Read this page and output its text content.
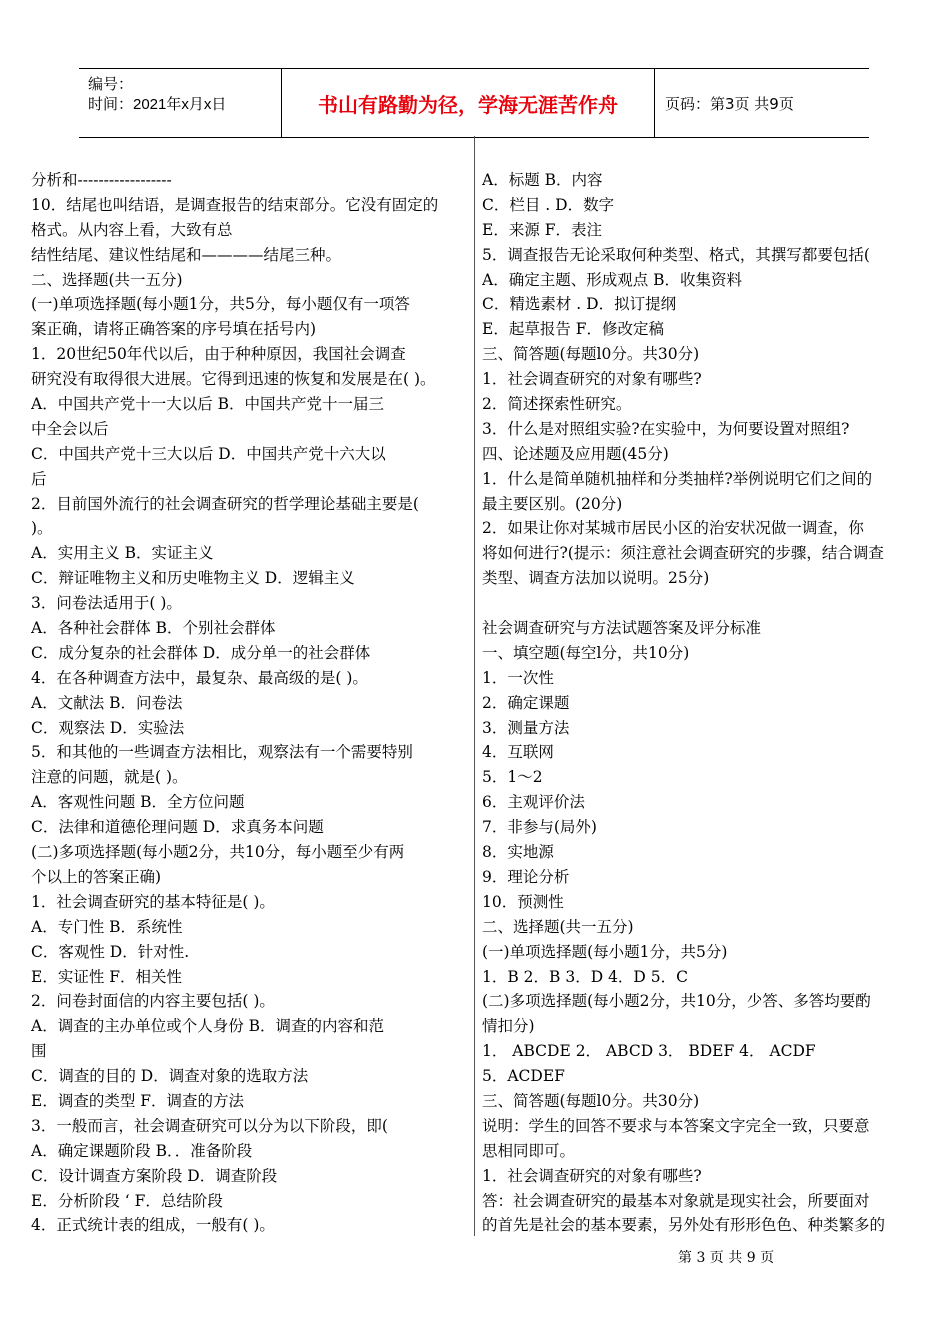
编号：
时间：2021年x月x日	书山有路勤为径，学海无涯苦作舟	页码：第3页 共9页
分析和------------------
10．结尾也叫结语，是调查报告的结束部分。它没有固定的
格式。从内容上看，大致有总
结性结尾、建议性结尾和————结尾三种。
二、选择题(共一五分)
(一)单项选择题(每小题1分，共5分，每小题仅有一项答
案正确，请将正确答案的序号填在括号内)
1．20世纪50年代以后，由于种种原因，我国社会调查
研究没有取得很大进展。它得到迅速的恢复和发展是在( )。
A．中国共产党十一大以后 B．中国共产党十一届三
中全会以后
C．中国共产党十三大以后 D．中国共产党十六大以
后
2．目前国外流行的社会调查研究的哲学理论基础主要是(
)。
A．实用主义 B．实证主义
C．辩证唯物主义和历史唯物主义 D．逻辑主义
3．问卷法适用于( )。
A．各种社会群体 B．个别社会群体
C．成分复杂的社会群体 D．成分单一的社会群体
4．在各种调查方法中，最复杂、最高级的是( )。
A．文献法 B．问卷法
C．观察法 D．实验法
5．和其他的一些调查方法相比，观察法有一个需要特别
注意的问题，就是( )。
A．客观性问题 B．全方位问题
C．法律和道德伦理问题 D．求真务本问题
(二)多项选择题(每小题2分，共10分，每小题至少有两
个以上的答案正确)
1．社会调查研究的基本特征是( )。
A．专门性 B．系统性
C．客观性 D．针对性.
E．实证性 F．相关性
2．问卷封面信的内容主要包括( )。
A．调查的主办单位或个人身份 B．调查的内容和范
围
C．调查的目的 D．调查对象的选取方法
E．调查的类型 F．调查的方法
3．一般而言，社会调查研究可以分为以下阶段，即(
A．确定课题阶段 B．．准备阶段
C．设计调查方案阶段 D．调查阶段
E．分析阶段 ‘ F．总结阶段
4．正式统计表的组成，一般有( )。
A．标题 B．内容
C．栏目 . D．数字
E．来源 F．表注
5．调查报告无论采取何种类型、格式，其撰写都要包括(
A．确定主题、形成观点 B．收集资料
C．精选素材 . D．拟订提纲
E．起草报告 F．修改定稿
三、简答题(每题l0分。共30分)
1．社会调查研究的对象有哪些?
2．简述探索性研究。
3．什么是对照组实验?在实验中，为何要设置对照组?
四、论述题及应用题(45分)
1．什么是简单随机抽样和分类抽样?举例说明它们之间的
最主要区别。(20分)
2．如果让你对某城市居民小区的治安状况做一调查，你
将如何进行?(提示：须注意社会调查研究的步骤，结合调查
类型、调查方法加以说明。25分)
社会调查研究与方法试题答案及评分标准
一、填空题(每空l分，共10分)
1．一次性
2．确定课题
3．测量方法
4．互联网
5．1～2
6．主观评价法
7．非参与(局外)
8．实地源
9．理论分析
10．预测性
二、选择题(共一五分)
(一)单项选择题(每小题1分，共5分)
1．B 2．B 3．D 4．D 5．C
(二)多项选择题(每小题2分，共10分，少答、多答均要酌
情扣分)
1． ABCDE 2． ABCD 3． BDEF 4． ACDF
5．ACDEF
三、简答题(每题l0分。共30分)
说明：学生的回答不要求与本答案文字完全一致，只要意
思相同即可。
1．社会调查研究的对象有哪些?
答：社会调查研究的最基本对象就是现实社会，所要面对
的首先是社会的基本要素，另外处有形形色色、种类繁多的
第 3 页 共 9 页
